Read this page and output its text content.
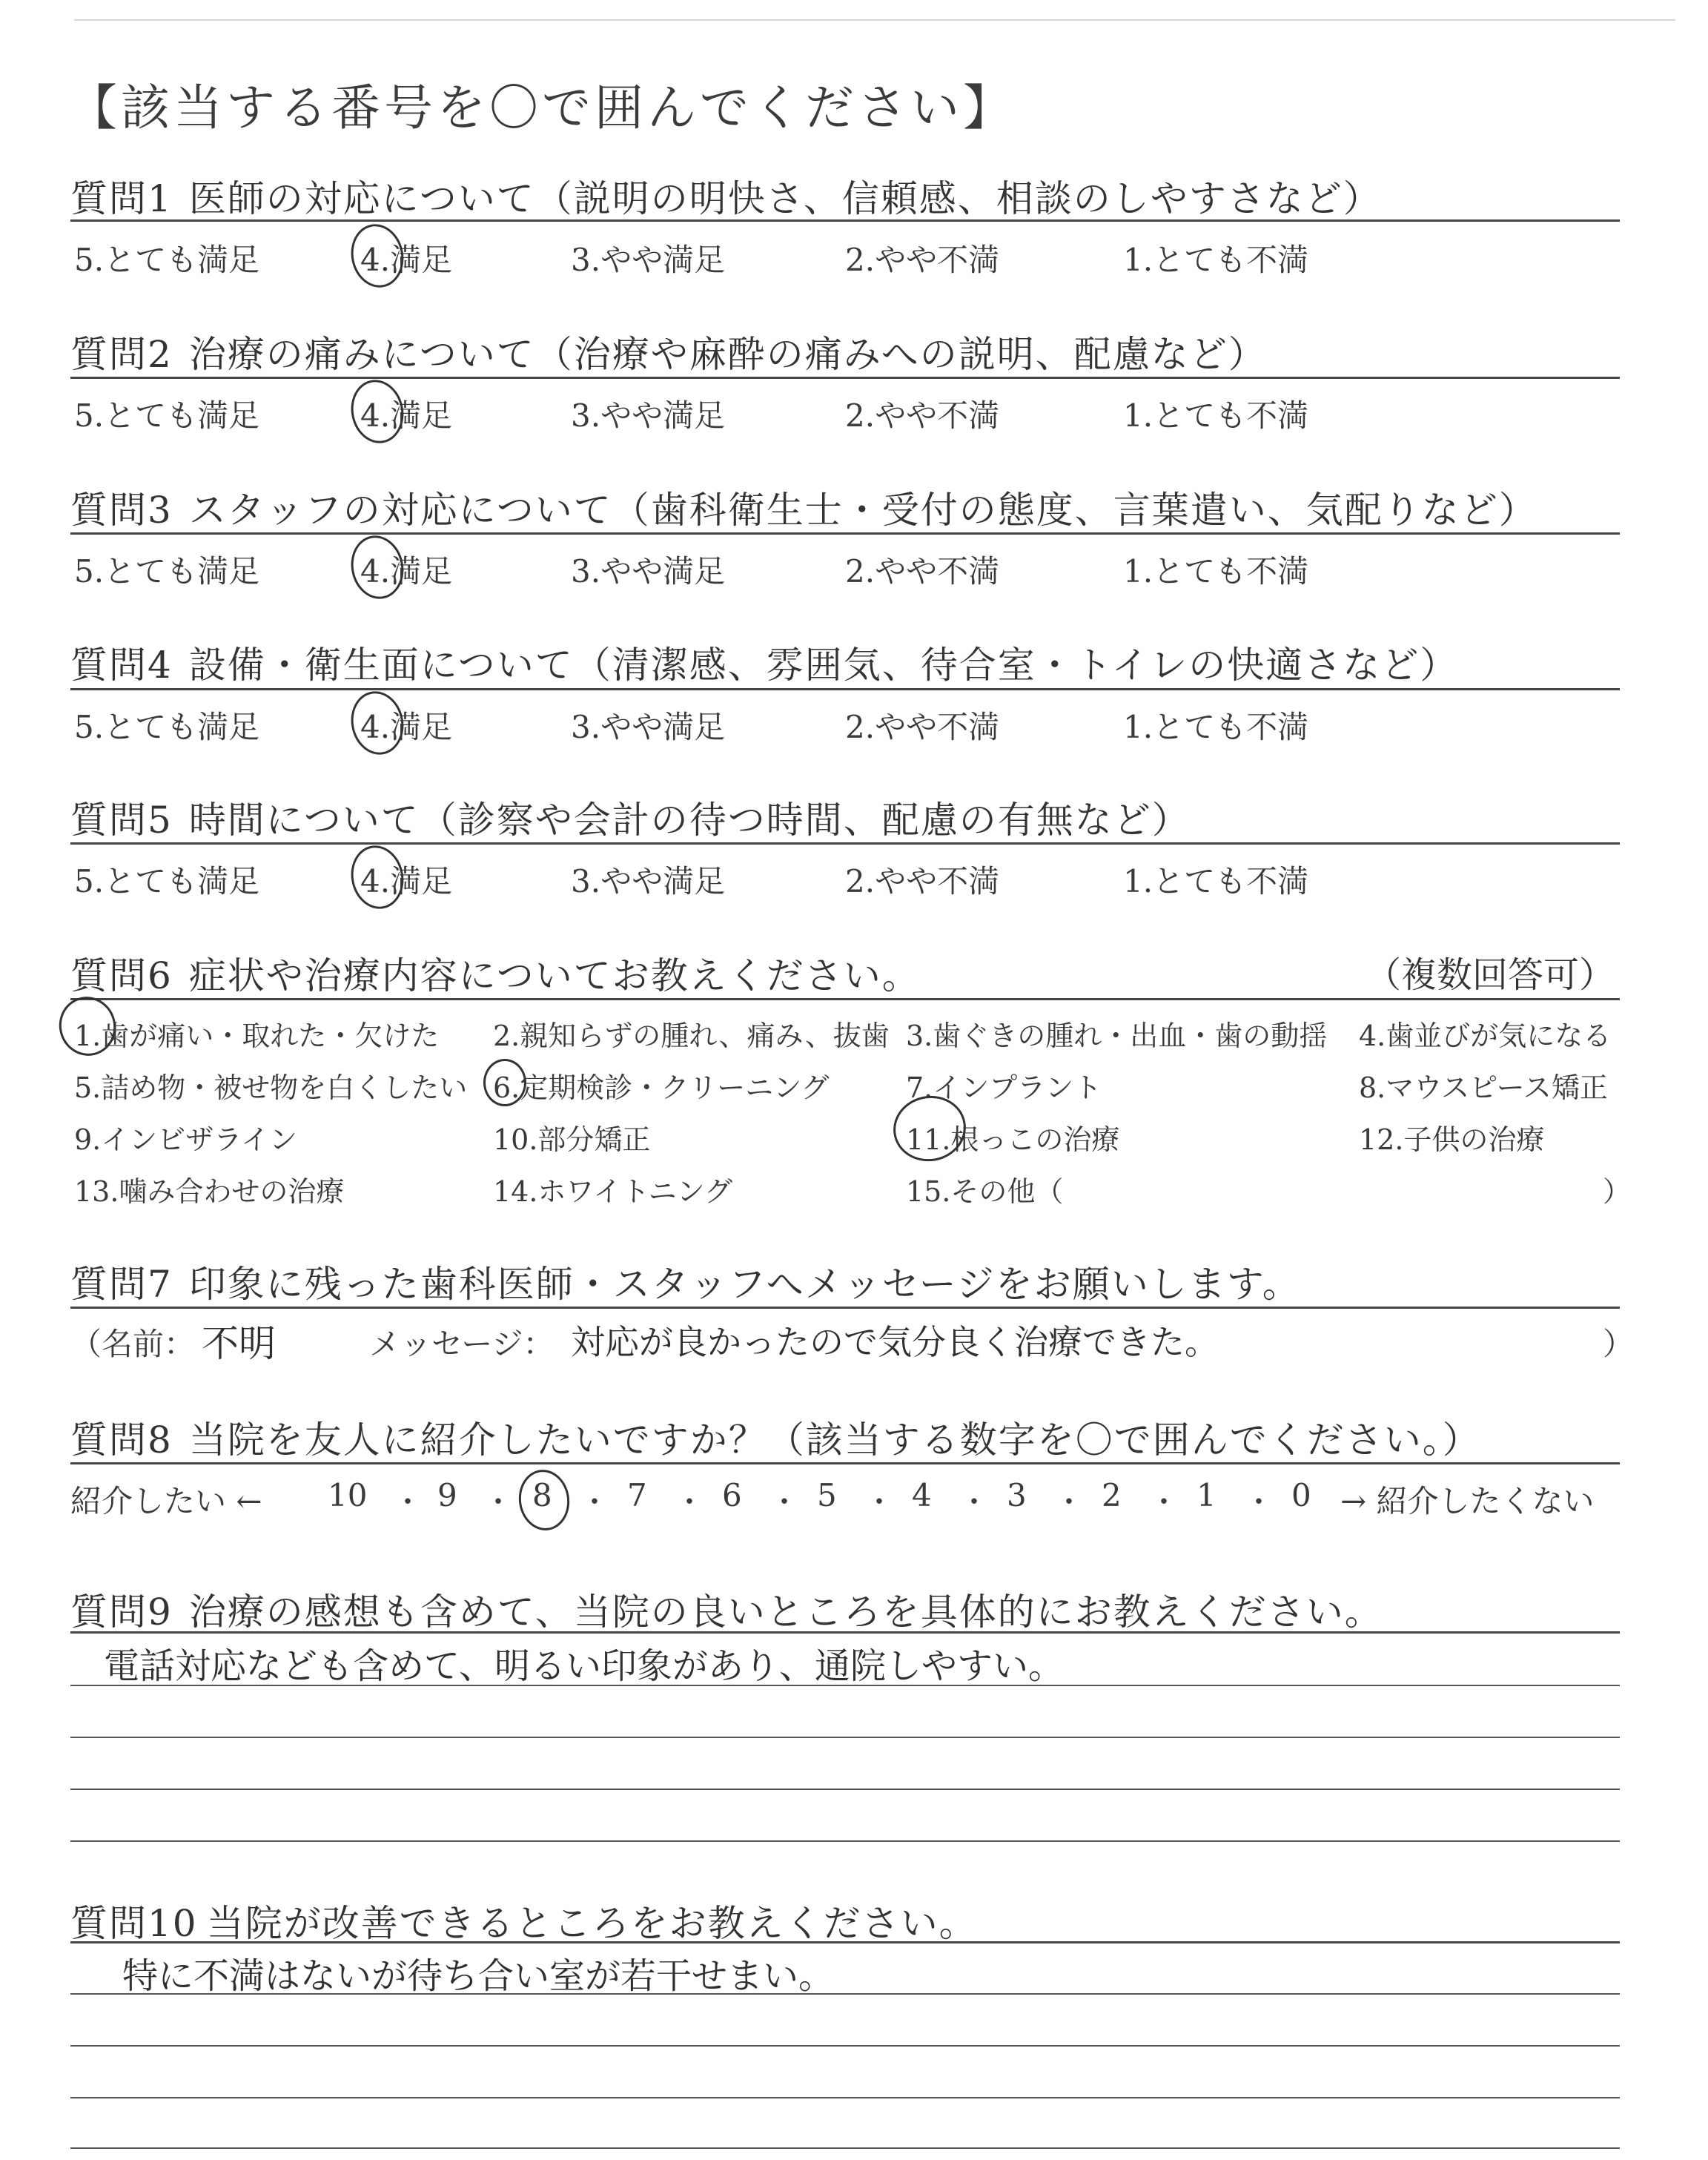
【該当する番号を〇で囲んでください】
質問1 医師の対応について（説明の明快さ、信頼感、相談のしやすさなど）
質問2 治療の痛みについて（治療や麻酔の痛みへの説明、配慮など）
質問3 スタッフの対応について（歯科衛生士・受付の態度、言葉遣い、気配りなど）
質問4 設備・衛生面について（清潔感、雰囲気、待合室・トイレの快適さなど）
質問5 時間について（診察や会計の待つ時間、配慮の有無など）
5.とても満足	4.満足	3.やや満足	2.やや不満	1.とても不満
5.とても満足	4.満足	3.やや満足	2.やや不満	1.とても不満
5.とても満足	4.満足	3.やや満足	2.やや不満	1.とても不満
5.とても満足	4.満足	3.やや満足	2.やや不満	1.とても不満
5.とても満足	4.満足	3.やや満足	2.やや不満	1.とても不満
質問6 症状や治療内容についてお教えください。	（複数回答可）
1.歯が痛い・取れた・欠けた 2.親知らずの腫れ、痛み、抜歯 3.歯ぐきの腫れ・出血・歯の動揺 4.歯並びが気になる
5.詰め物・被せ物を白くしたい 6.定期検診・クリーニング	7.インプラント	8.マウスピース矯正
9.インビザライン	10.部分矯正	11.根っこの治療	12.子供の治療
13.噛み合わせの治療	14.ホワイトニング	15.その他（	）
質問7 印象に残った歯科医師・スタッフへメッセージをお願いします。
（名前： 不明	メッセージ： 対応が良かったので気分良く治療できた。	）
質問8 当院を友人に紹介したいですか？（該当する数字を〇で囲んでください。）
紹介したい ←	→ 紹介したくない
10 9 8 7 6 5 4 3 2 1 0
・ ・ ・ ・ ・ ・ ・ ・ ・ ・
質問9 治療の感想も含めて、当院の良いところを具体的にお教えください。
電話対応なども含めて、明るい印象があり、通院しやすい。
質問10 当院が改善できるところをお教えください。
特に不満はないが待ち合い室が若干せまい。
